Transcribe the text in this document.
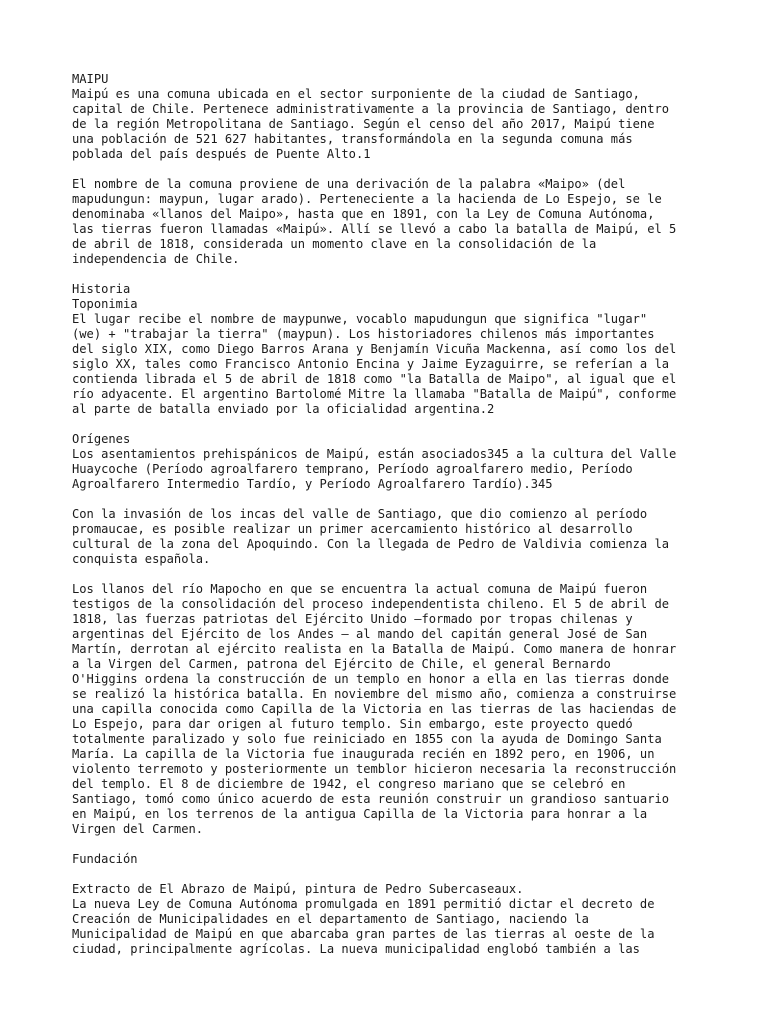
MAIPU
Maipú es una comuna ubicada en el sector surponiente de la ciudad de Santiago,
capital de Chile. Pertenece administrativamente a la provincia de Santiago, dentro
de la región Metropolitana de Santiago. Según el censo del año 2017, Maipú tiene
una población de 521 627 habitantes, transformándola en la segunda comuna más
poblada del país después de Puente Alto.1
El nombre de la comuna proviene de una derivación de la palabra «Maipo» (del
mapudungun: maypun, lugar arado). Perteneciente a la hacienda de Lo Espejo, se le
denominaba «llanos del Maipo», hasta que en 1891, con la Ley de Comuna Autónoma,
las tierras fueron llamadas «Maipú». Allí se llevó a cabo la batalla de Maipú, el 5
de abril de 1818, considerada un momento clave en la consolidación de la
independencia de Chile.
Historia
Toponimia
El lugar recibe el nombre de maypunwe, vocablo mapudungun que significa "lugar"
(we) + "trabajar la tierra" (maypun). Los historiadores chilenos más importantes
del siglo XIX, como Diego Barros Arana y Benjamín Vicuña Mackenna, así como los del
siglo XX, tales como Francisco Antonio Encina y Jaime Eyzaguirre, se referían a la
contienda librada el 5 de abril de 1818 como "la Batalla de Maipo", al igual que el
río adyacente. El argentino Bartolomé Mitre la llamaba "Batalla de Maipú", conforme
al parte de batalla enviado por la oficialidad argentina.2
Orígenes
Los asentamientos prehispánicos de Maipú, están asociados345 a la cultura del Valle
Huaycoche (Período agroalfarero temprano, Período agroalfarero medio, Período
Agroalfarero Intermedio Tardío, y Período Agroalfarero Tardío).345
Con la invasión de los incas del valle de Santiago, que dio comienzo al período
promaucae, es posible realizar un primer acercamiento histórico al desarrollo
cultural de la zona del Apoquindo. Con la llegada de Pedro de Valdivia comienza la
conquista española.
Los llanos del río Mapocho en que se encuentra la actual comuna de Maipú fueron
testigos de la consolidación del proceso independentista chileno. El 5 de abril de
1818, las fuerzas patriotas del Ejército Unido —formado por tropas chilenas y
argentinas del Ejército de los Andes — al mando del capitán general José de San
Martín, derrotan al ejército realista en la Batalla de Maipú. Como manera de honrar
a la Virgen del Carmen, patrona del Ejército de Chile, el general Bernardo
O'Higgins ordena la construcción de un templo en honor a ella en las tierras donde
se realizó la histórica batalla. En noviembre del mismo año, comienza a construirse
una capilla conocida como Capilla de la Victoria en las tierras de las haciendas de
Lo Espejo, para dar origen al futuro templo. Sin embargo, este proyecto quedó
totalmente paralizado y solo fue reiniciado en 1855 con la ayuda de Domingo Santa
María. La capilla de la Victoria fue inaugurada recién en 1892 pero, en 1906, un
violento terremoto y posteriormente un temblor hicieron necesaria la reconstrucción
del templo. El 8 de diciembre de 1942, el congreso mariano que se celebró en
Santiago, tomó como único acuerdo de esta reunión construir un grandioso santuario
en Maipú, en los terrenos de la antigua Capilla de la Victoria para honrar a la
Virgen del Carmen.
Fundación
Extracto de El Abrazo de Maipú, pintura de Pedro Subercaseaux.
La nueva Ley de Comuna Autónoma promulgada en 1891 permitió dictar el decreto de
Creación de Municipalidades en el departamento de Santiago, naciendo la
Municipalidad de Maipú en que abarcaba gran partes de las tierras al oeste de la
ciudad, principalmente agrícolas. La nueva municipalidad englobó también a las
